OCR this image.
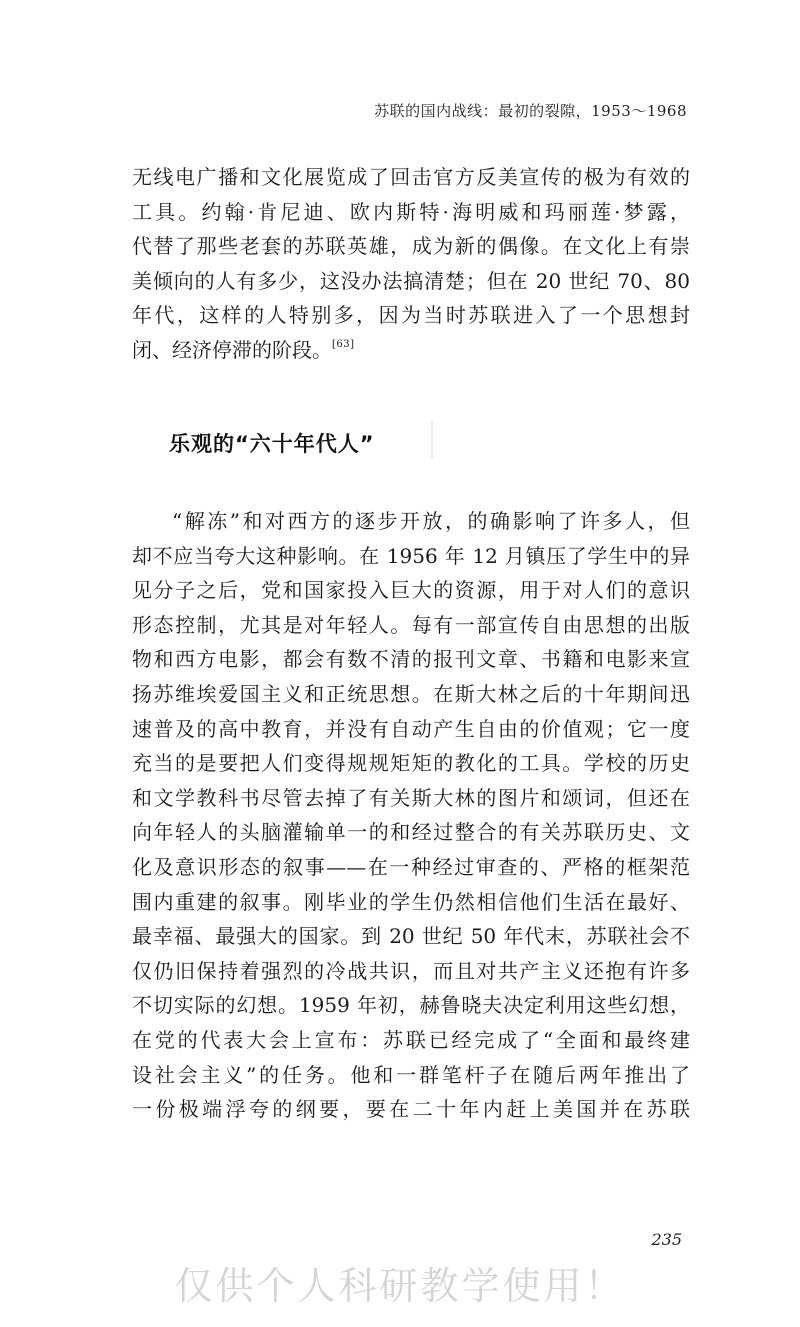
苏联的国内战线：最初的裂隙，1953～1968
无线电广播和文化展览成了回击官方反美宣传的极为有效的
工具。约翰·肯尼迪、欧内斯特·海明威和玛丽莲·梦露，
代替了那些老套的苏联英雄，成为新的偶像。在文化上有崇
美倾向的人有多少，这没办法搞清楚；但在 20 世纪 70、80
年代，这样的人特别多，因为当时苏联进入了一个思想封
闭、经济停滞的阶段。[63]
乐观的“六十年代人”
“解冻”和对西方的逐步开放，的确影响了许多人，但
却不应当夸大这种影响。在 1956 年 12 月镇压了学生中的异
见分子之后，党和国家投入巨大的资源，用于对人们的意识
形态控制，尤其是对年轻人。每有一部宣传自由思想的出版
物和西方电影，都会有数不清的报刊文章、书籍和电影来宣
扬苏维埃爱国主义和正统思想。在斯大林之后的十年期间迅
速普及的高中教育，并没有自动产生自由的价值观；它一度
充当的是要把人们变得规规矩矩的教化的工具。学校的历史
和文学教科书尽管去掉了有关斯大林的图片和颂词，但还在
向年轻人的头脑灌输单一的和经过整合的有关苏联历史、文
化及意识形态的叙事——在一种经过审查的、严格的框架范
围内重建的叙事。刚毕业的学生仍然相信他们生活在最好、
最幸福、最强大的国家。到 20 世纪 50 年代末，苏联社会不
仅仍旧保持着强烈的冷战共识，而且对共产主义还抱有许多
不切实际的幻想。1959 年初，赫鲁晓夫决定利用这些幻想，
在党的代表大会上宣布：苏联已经完成了“全面和最终建
设社会主义”的任务。他和一群笔杆子在随后两年推出了
一份极端浮夸的纲要，要在二十年内赶上美国并在苏联
235
仅供个人科研教学使用！
